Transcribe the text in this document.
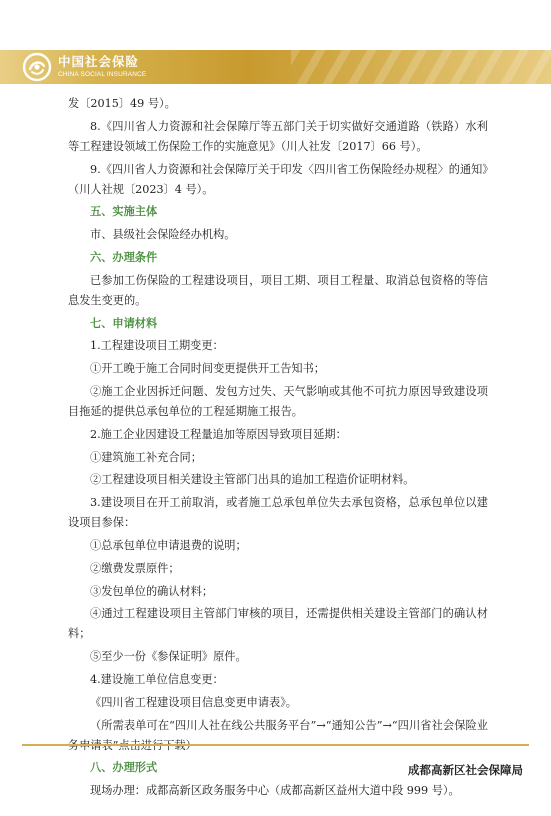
中国社会保险
CHINA SOCIAL INSURANCE

发〔2015〕49 号）。

8.《四川省人力资源和社会保障厅等五部门关于切实做好交通道路（铁路）水利等工程建设领域工伤保险工作的实施意见》（川人社发〔2017〕66 号）。

9.《四川省人力资源和社会保障厅关于印发〈四川省工伤保险经办规程〉的通知》（川人社规〔2023〕4 号）。

五、实施主体

市、县级社会保险经办机构。

六、办理条件

已参加工伤保险的工程建设项目，项目工期、项目工程量、取消总包资格的等信息发生变更的。

七、申请材料

1.工程建设项目工期变更：

①开工晚于施工合同时间变更提供开工告知书；

②施工企业因拆迁问题、发包方过失、天气影响或其他不可抗力原因导致建设项目拖延的提供总承包单位的工程延期施工报告。

2.施工企业因建设工程量追加等原因导致项目延期：

①建筑施工补充合同；

②工程建设项目相关建设主管部门出具的追加工程造价证明材料。

3.建设项目在开工前取消，或者施工总承包单位失去承包资格，总承包单位以建设项目参保：

①总承包单位申请退费的说明；

②缴费发票原件；

③发包单位的确认材料；

④通过工程建设项目主管部门审核的项目，还需提供相关建设主管部门的确认材料；

⑤至少一份《参保证明》原件。

4.建设施工单位信息变更：

《四川省工程建设项目信息变更申请表》。

（所需表单可在“四川人社在线公共服务平台”→“通知公告”→“四川省社会保险业

八、办理形式

现场办理：成都高新区政务服务中心（成都高新区益州大道中段 999 号）。

成都高新区社会保障局
